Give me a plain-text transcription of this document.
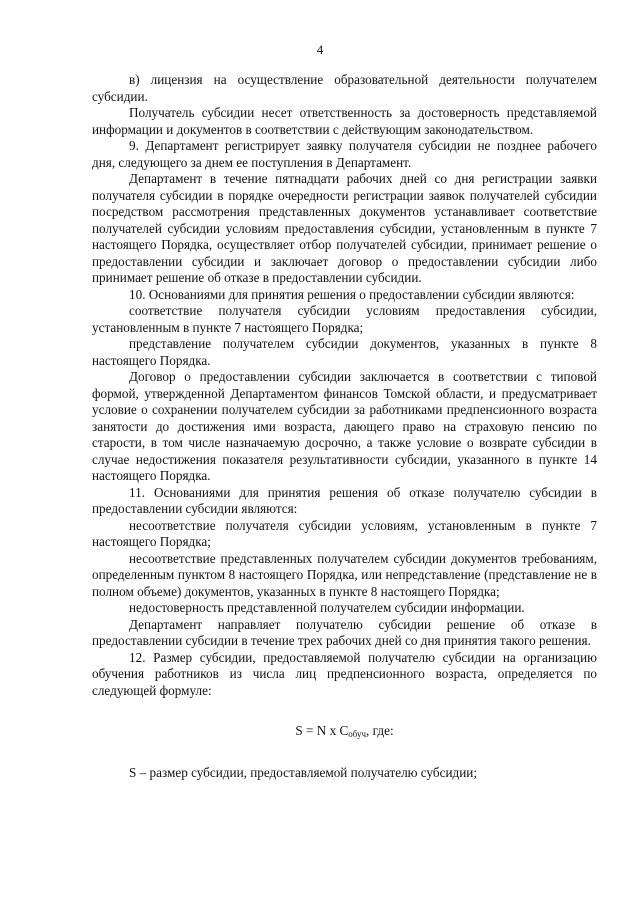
4

в) лицензия на осуществление образовательной деятельности получателем субсидии.

Получатель субсидии несет ответственность за достоверность представляемой информации и документов в соответствии с действующим законодательством.

9. Департамент регистрирует заявку получателя субсидии не позднее рабочего дня, следующего за днем ее поступления в Департамент.

Департамент в течение пятнадцати рабочих дней со дня регистрации заявки получателя субсидии в порядке очередности регистрации заявок получателей субсидии посредством рассмотрения представленных документов устанавливает соответствие получателей субсидии условиям предоставления субсидии, установленным в пункте 7 настоящего Порядка, осуществляет отбор получателей субсидии, принимает решение о предоставлении субсидии и заключает договор о предоставлении субсидии либо принимает решение об отказе в предоставлении субсидии.

10. Основаниями для принятия решения о предоставлении субсидии являются:

соответствие получателя субсидии условиям предоставления субсидии, установленным в пункте 7 настоящего Порядка;

представление получателем субсидии документов, указанных в пункте 8 настоящего Порядка.

Договор о предоставлении субсидии заключается в соответствии с типовой формой, утвержденной Департаментом финансов Томской области, и предусматривает условие о сохранении получателем субсидии за работниками предпенсионного возраста занятости до достижения ими возраста, дающего право на страховую пенсию по старости, в том числе назначаемую досрочно, а также условие о возврате субсидии в случае недостижения показателя результативности субсидии, указанного в пункте 14 настоящего Порядка.

11. Основаниями для принятия решения об отказе получателю субсидии в предоставлении субсидии являются:

несоответствие получателя субсидии условиям, установленным в пункте 7 настоящего Порядка;

несоответствие представленных получателем субсидии документов требованиям, определенным пунктом 8 настоящего Порядка, или непредставление (представление не в полном объеме) документов, указанных в пункте 8 настоящего Порядка;

недостоверность представленной получателем субсидии информации.

Департамент направляет получателю субсидии решение об отказе в предоставлении субсидии в течение трех рабочих дней со дня принятия такого решения.

12. Размер субсидии, предоставляемой получателю субсидии на организацию обучения работников из числа лиц предпенсионного возраста, определяется по следующей формуле:

S = N x $C_{обуч}$, где:

S – размер субсидии, предоставляемой получателю субсидии;
